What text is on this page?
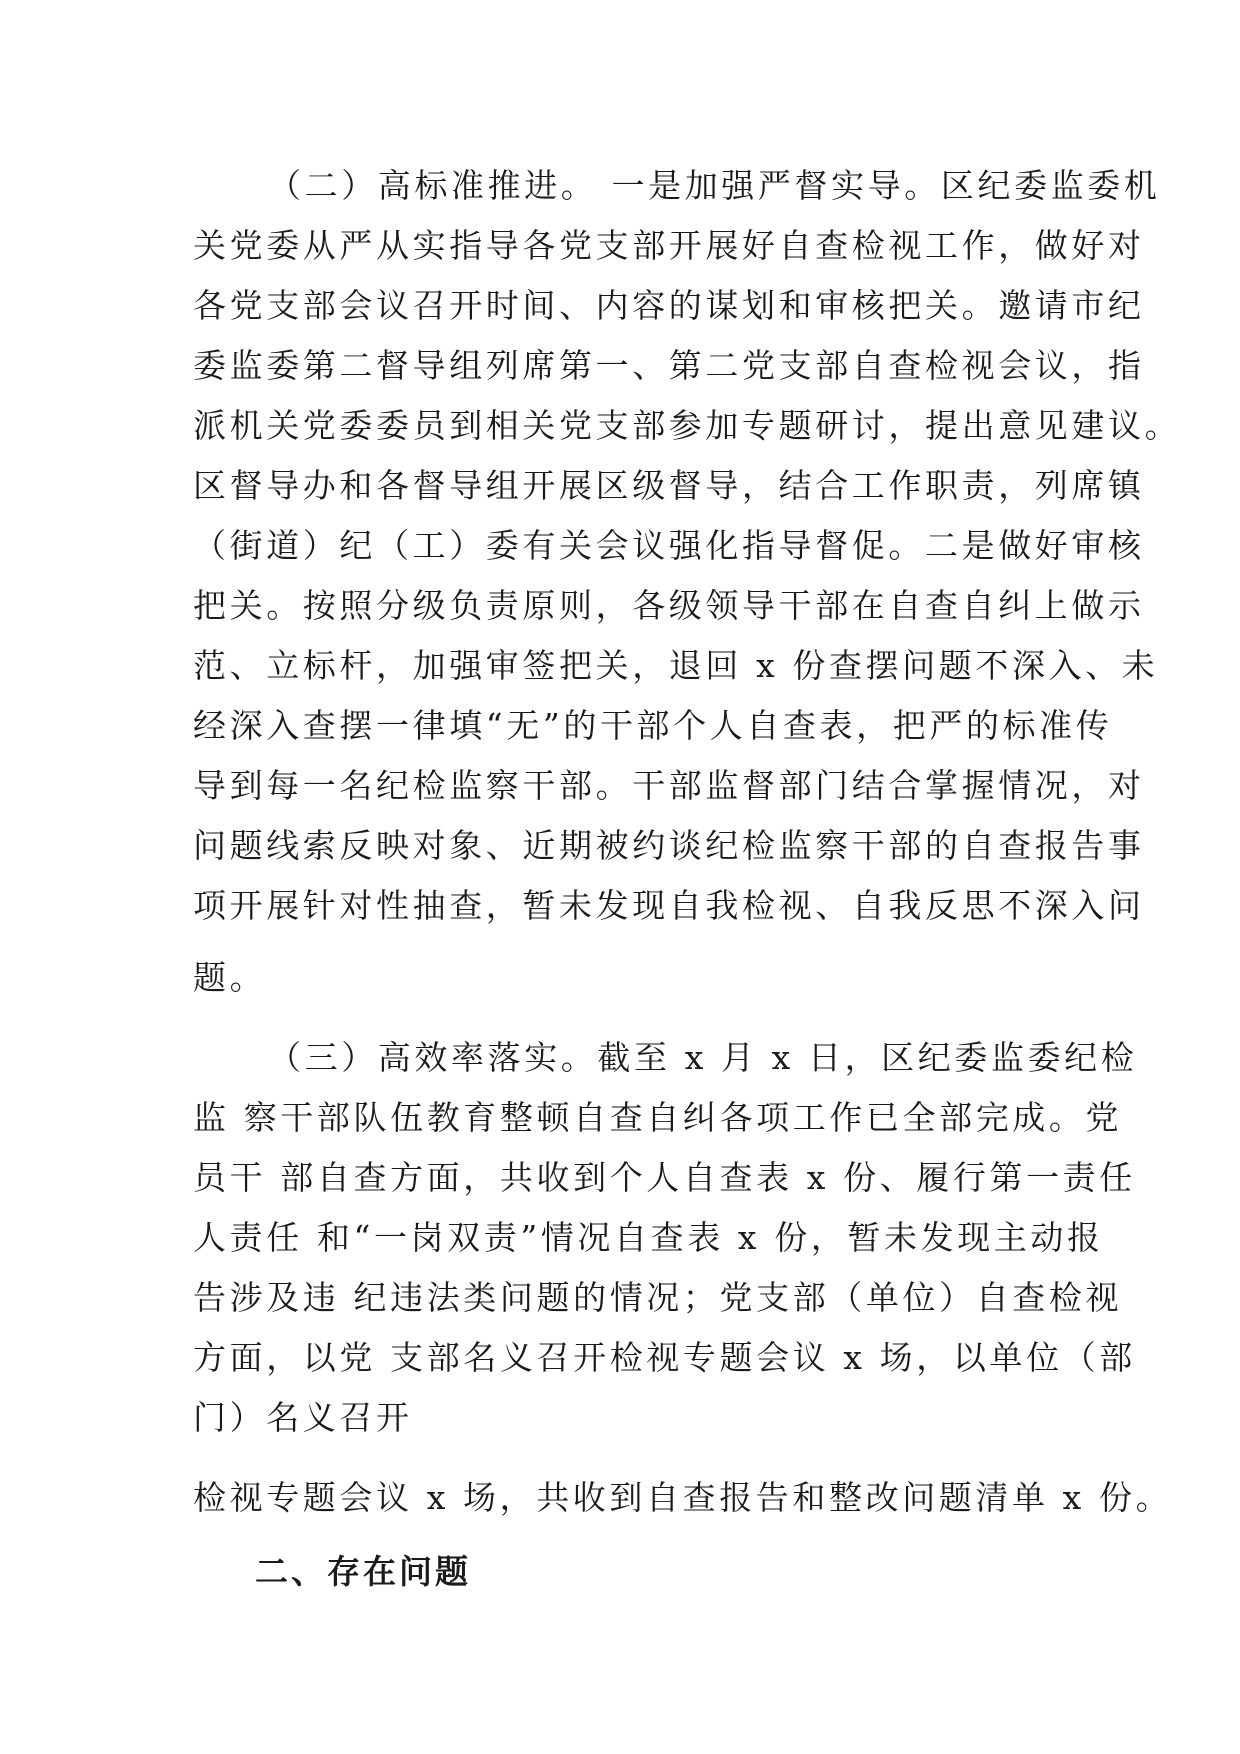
（二）高标准推进。 一是加强严督实导。区纪委监委机
关党委从严从实指导各党支部开展好自查检视工作，做好对
各党支部会议召开时间、内容的谋划和审核把关。邀请市纪
委监委第二督导组列席第一、第二党支部自查检视会议，指
派机关党委委员到相关党支部参加专题研讨，提出意见建议。
区督导办和各督导组开展区级督导，结合工作职责，列席镇
（街道）纪（工）委有关会议强化指导督促。二是做好审核
把关。按照分级负责原则，各级领导干部在自查自纠上做示
范、立标杆，加强审签把关，退回 x 份查摆问题不深入、未
经深入查摆一律填“无”的干部个人自查表，把严的标准传
导到每一名纪检监察干部。干部监督部门结合掌握情况，对
问题线索反映对象、近期被约谈纪检监察干部的自查报告事
项开展针对性抽查，暂未发现自我检视、自我反思不深入问
题。
（三）高效率落实。截至 x 月 x 日，区纪委监委纪检
监 察干部队伍教育整顿自查自纠各项工作已全部完成。党
员干 部自查方面，共收到个人自查表 x 份、履行第一责任
人责任 和“一岗双责”情况自查表 x 份，暂未发现主动报
告涉及违 纪违法类问题的情况；党支部（单位）自查检视
方面，以党 支部名义召开检视专题会议 x 场，以单位（部
门）名义召开
检视专题会议 x 场，共收到自查报告和整改问题清单 x 份。
二、存在问题
